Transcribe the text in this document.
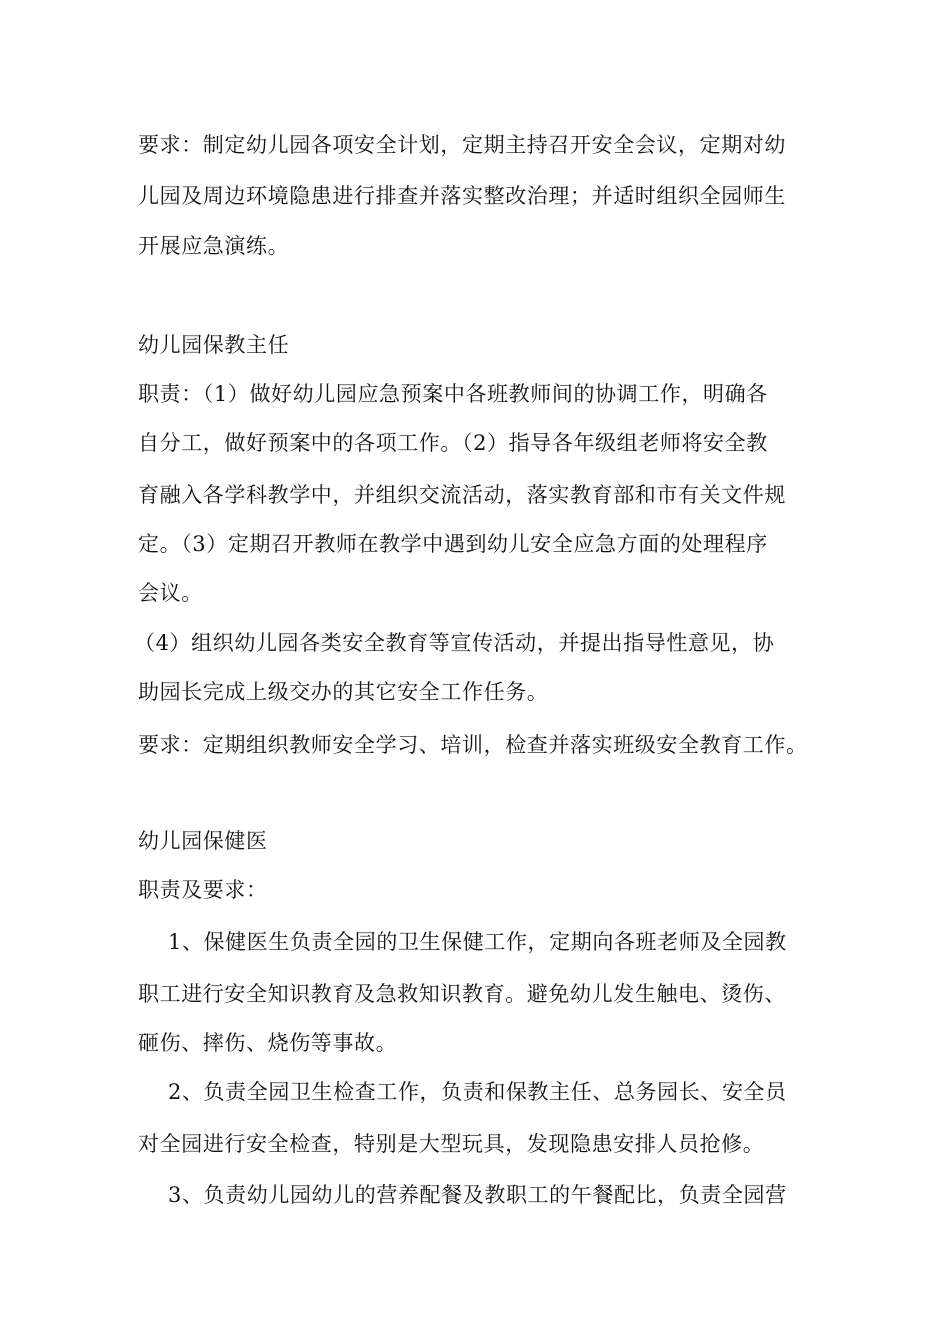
要求：制定幼儿园各项安全计划，定期主持召开安全会议，定期对幼
儿园及周边环境隐患进行排查并落实整改治理；并适时组织全园师生
开展应急演练。
幼儿园保教主任
职责：（1）做好幼儿园应急预案中各班教师间的协调工作，明确各
自分工，做好预案中的各项工作。（2）指导各年级组老师将安全教
育融入各学科教学中，并组织交流活动，落实教育部和市有关文件规
定。（3）定期召开教师在教学中遇到幼儿安全应急方面的处理程序
会议。
（4）组织幼儿园各类安全教育等宣传活动，并提出指导性意见，协
助园长完成上级交办的其它安全工作任务。
要求：定期组织教师安全学习、培训，检查并落实班级安全教育工作。
幼儿园保健医
职责及要求：
1、保健医生负责全园的卫生保健工作，定期向各班老师及全园教
职工进行安全知识教育及急救知识教育。避免幼儿发生触电、烫伤、
砸伤、摔伤、烧伤等事故。
2、负责全园卫生检查工作，负责和保教主任、总务园长、安全员
对全园进行安全检查，特别是大型玩具，发现隐患安排人员抢修。
3、负责幼儿园幼儿的营养配餐及教职工的午餐配比，负责全园营
